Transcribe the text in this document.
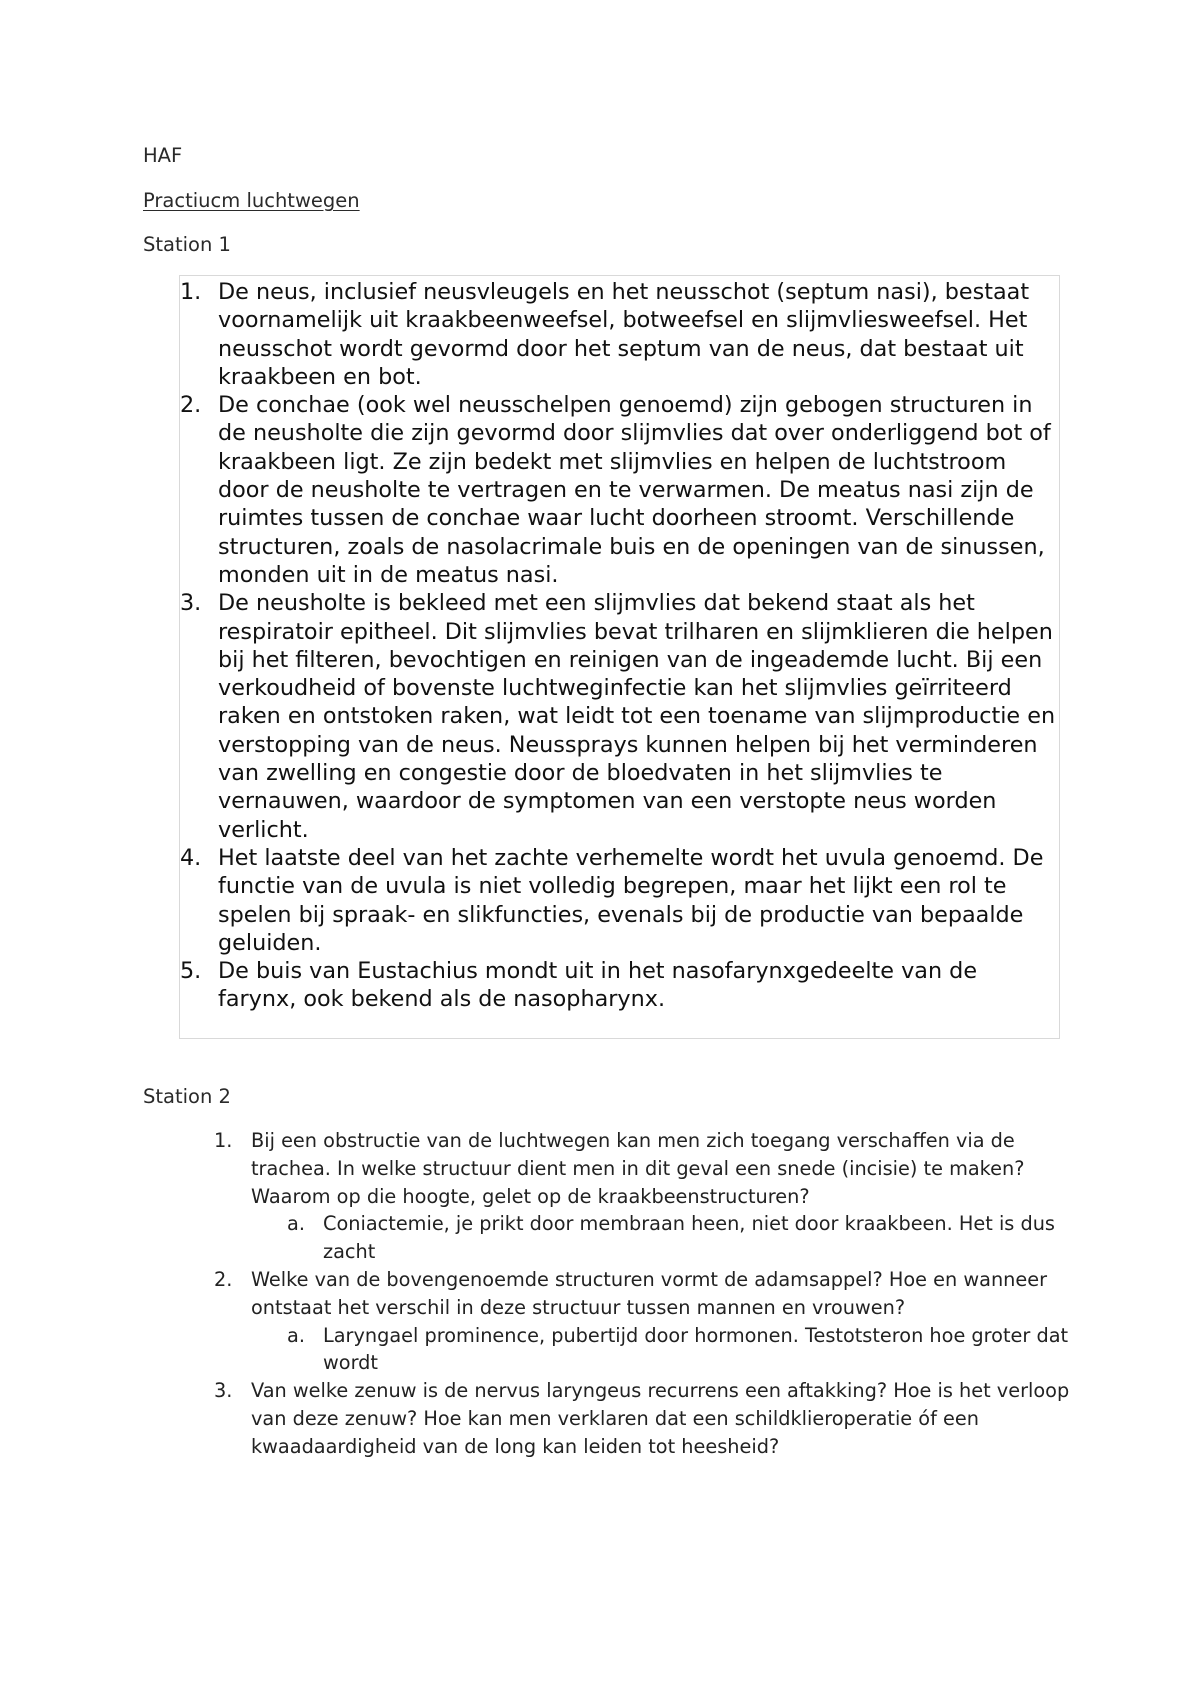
HAF

Practiucm luchtwegen

Station 1

1. De neus, inclusief neusvleugels en het neusschot (septum nasi), bestaat voornamelijk uit kraakbeenweefsel, botweefsel en slijmvliesweefsel. Het neusschot wordt gevormd door het septum van de neus, dat bestaat uit kraakbeen en bot.
2. De conchae (ook wel neusschelpen genoemd) zijn gebogen structuren in de neusholte die zijn gevormd door slijmvlies dat over onderliggend bot of kraakbeen ligt. Ze zijn bedekt met slijmvlies en helpen de luchtstroom door de neusholte te vertragen en te verwarmen. De meatus nasi zijn de ruimtes tussen de conchae waar lucht doorheen stroomt. Verschillende structuren, zoals de nasolacrimale buis en de openingen van de sinussen, monden uit in de meatus nasi.
3. De neusholte is bekleed met een slijmvlies dat bekend staat als het respiratoir epitheel. Dit slijmvlies bevat trilharen en slijmklieren die helpen bij het filteren, bevochtigen en reinigen van de ingeademde lucht. Bij een verkoudheid of bovenste luchtweginfectie kan het slijmvlies geïrriteerd raken en ontstoken raken, wat leidt tot een toename van slijmproductie en verstopping van de neus. Neussprays kunnen helpen bij het verminderen van zwelling en congestie door de bloedvaten in het slijmvlies te vernauwen, waardoor de symptomen van een verstopte neus worden verlicht.
4. Het laatste deel van het zachte verhemelte wordt het uvula genoemd. De functie van de uvula is niet volledig begrepen, maar het lijkt een rol te spelen bij spraak- en slikfuncties, evenals bij de productie van bepaalde geluiden.
5. De buis van Eustachius mondt uit in het nasofarynxgedeelte van de farynx, ook bekend als de nasopharynx.

Station 2

1. Bij een obstructie van de luchtwegen kan men zich toegang verschaffen via de trachea. In welke structuur dient men in dit geval een snede (incisie) te maken? Waarom op die hoogte, gelet op de kraakbeenstructuren?
a. Coniactemie, je prikt door membraan heen, niet door kraakbeen. Het is dus zacht
2. Welke van de bovengenoemde structuren vormt de adamsappel? Hoe en wanneer ontstaat het verschil in deze structuur tussen mannen en vrouwen?
a. Laryngael prominence, pubertijd door hormonen. Testotsteron hoe groter dat wordt
3. Van welke zenuw is de nervus laryngeus recurrens een aftakking? Hoe is het verloop van deze zenuw? Hoe kan men verklaren dat een schildklieroperatie óf een kwaadaardigheid van de long kan leiden tot heesheid?
